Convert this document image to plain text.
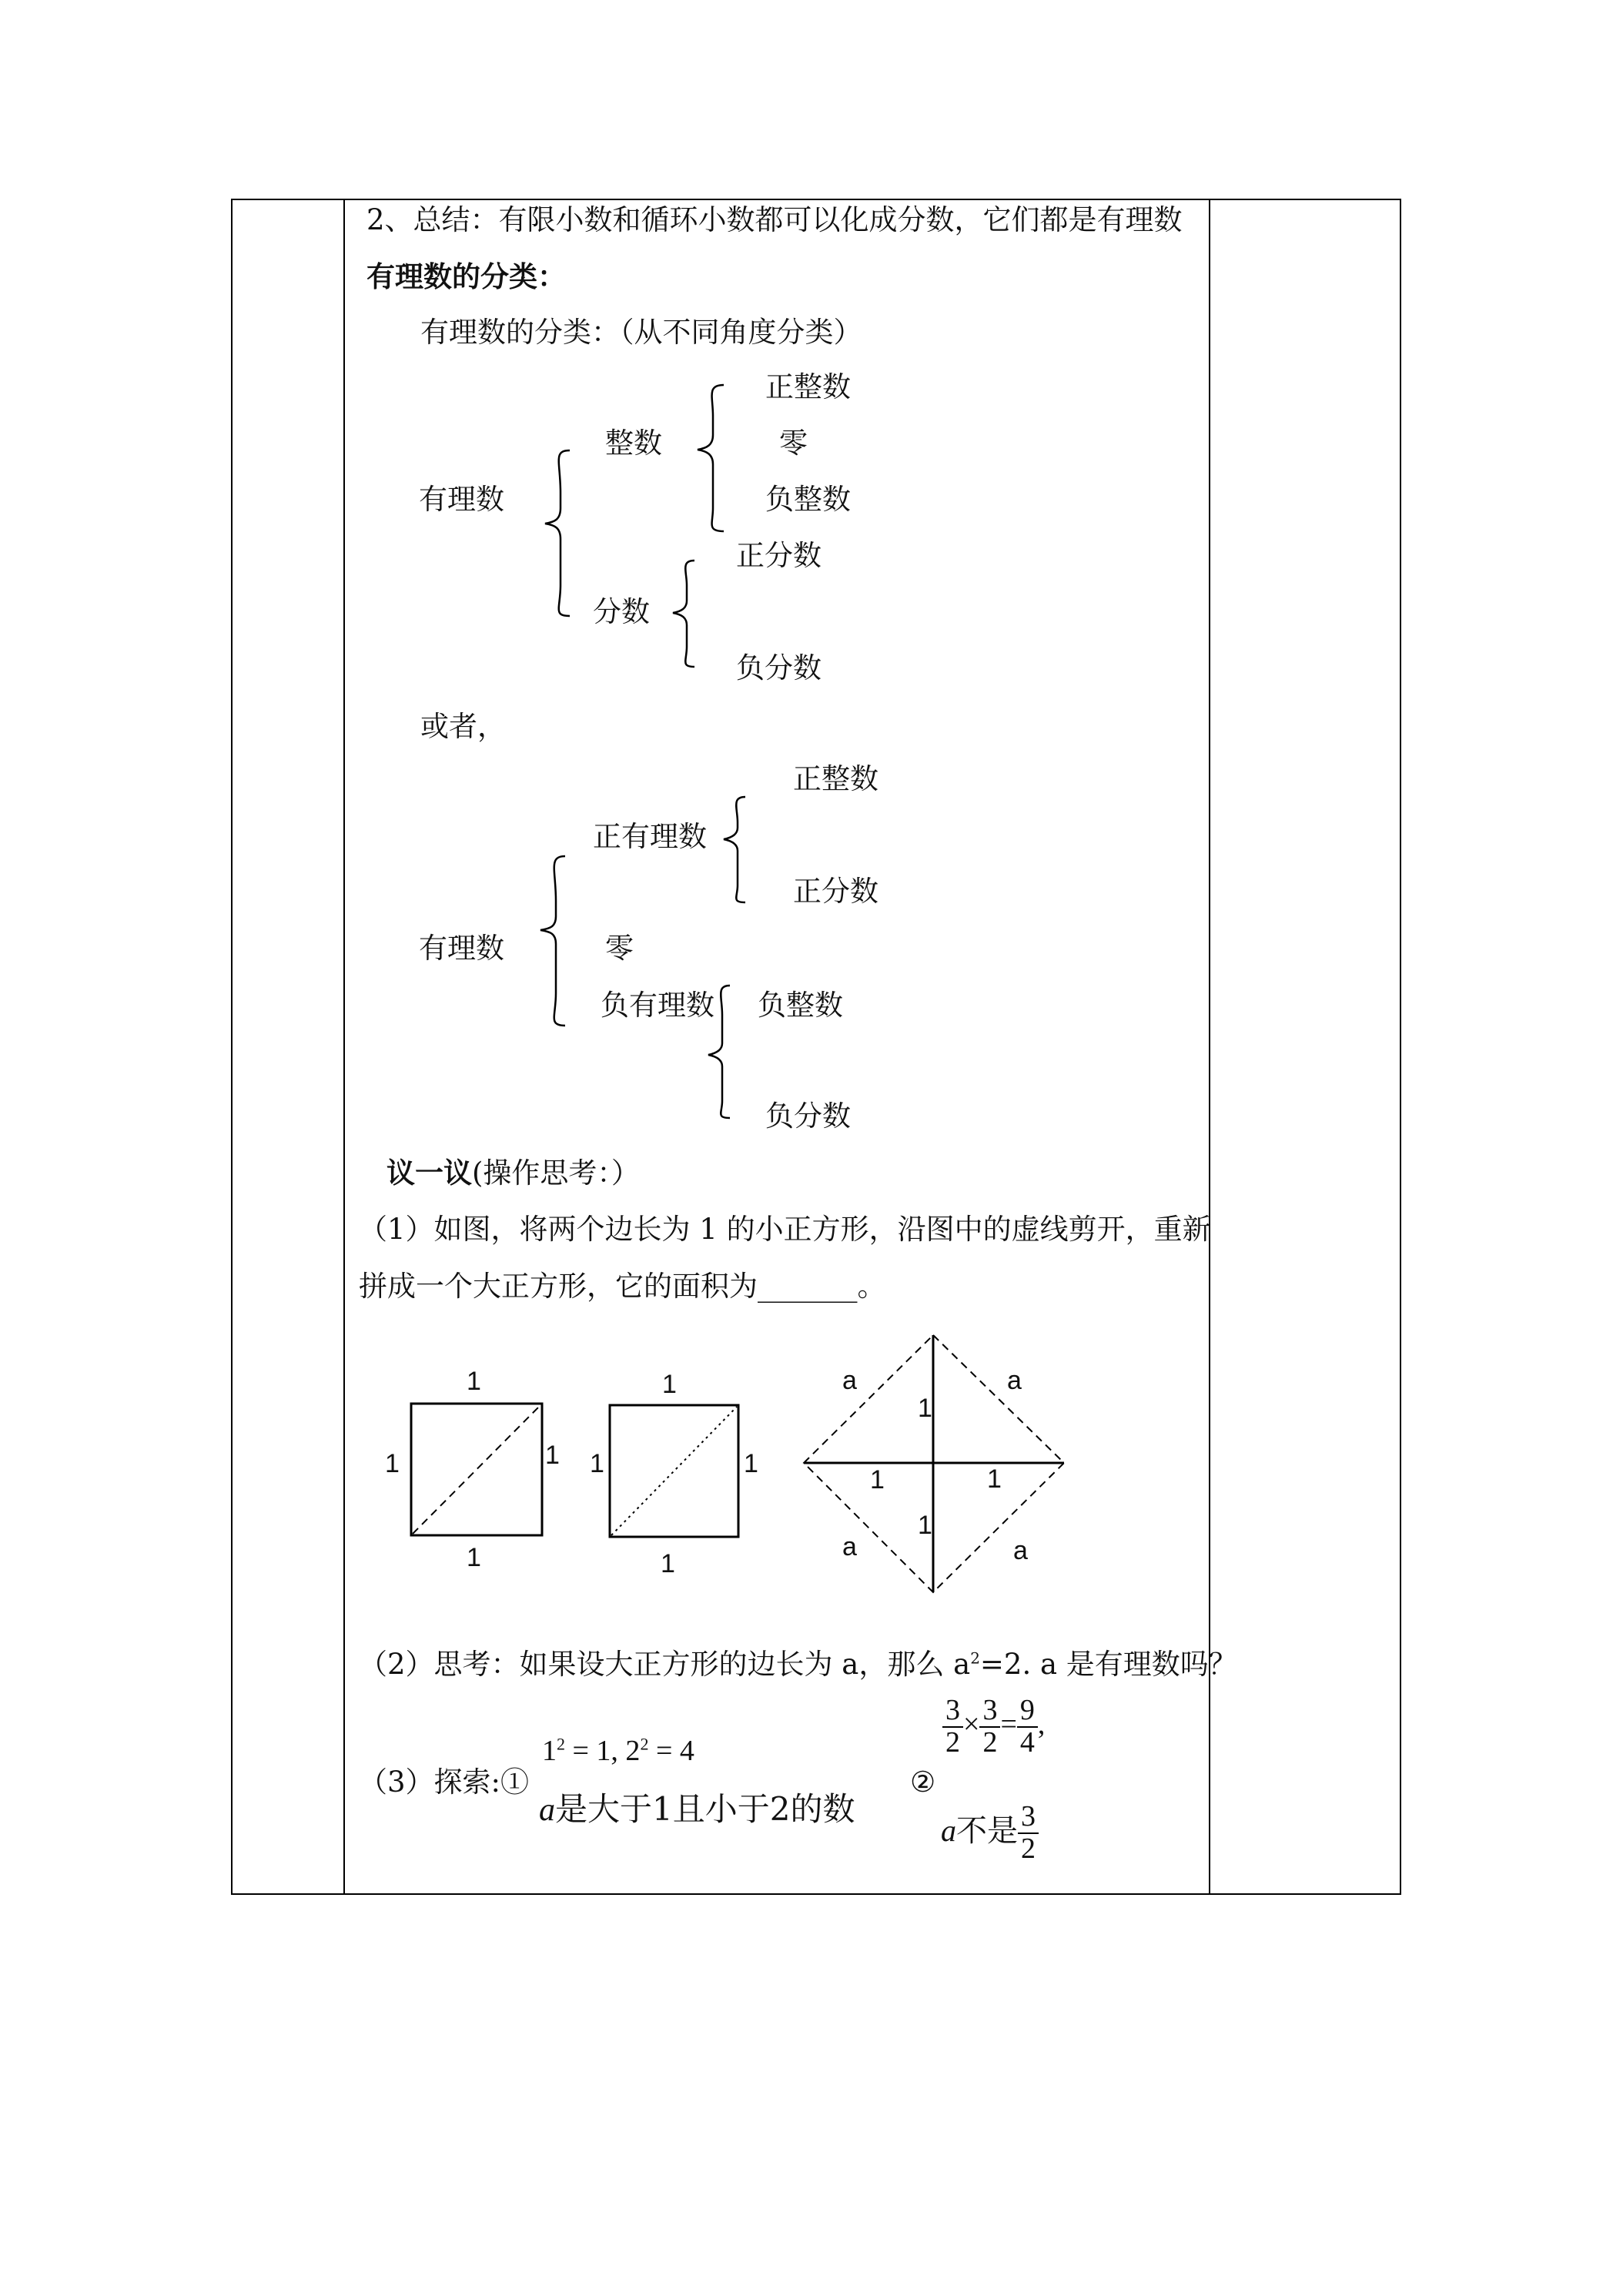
2、总结：有限小数和循环小数都可以化成分数，它们都是有理数
有理数的分类：
有理数的分类：（从不同角度分类）
有理数
整数
正整数
零
负整数
分数
正分数
负分数
或者，
有理数
正有理数
正整数
正分数
零
负有理数 负整数
负分数
议一议(操作思考：）
（1）如图，将两个边长为 1 的小正方形，沿图中的虚线剪开，重新
拼成一个大正方形，它的面积为_______。
1
1	1
1
1
1	1
1
a	a
a	a
1
1	1
1
（2）思考：如果设大正方形的边长为 a，那么 $a^2=2$. a 是有理数吗？
（3）探索:①
$1^2 = 1$, $2^2 = 4$
a是大于1且小于2的数
②
$\frac{3}{2} \times \frac{3}{2} = \frac{9}{4}$ ,
a不是 $\frac{3}{2}$
